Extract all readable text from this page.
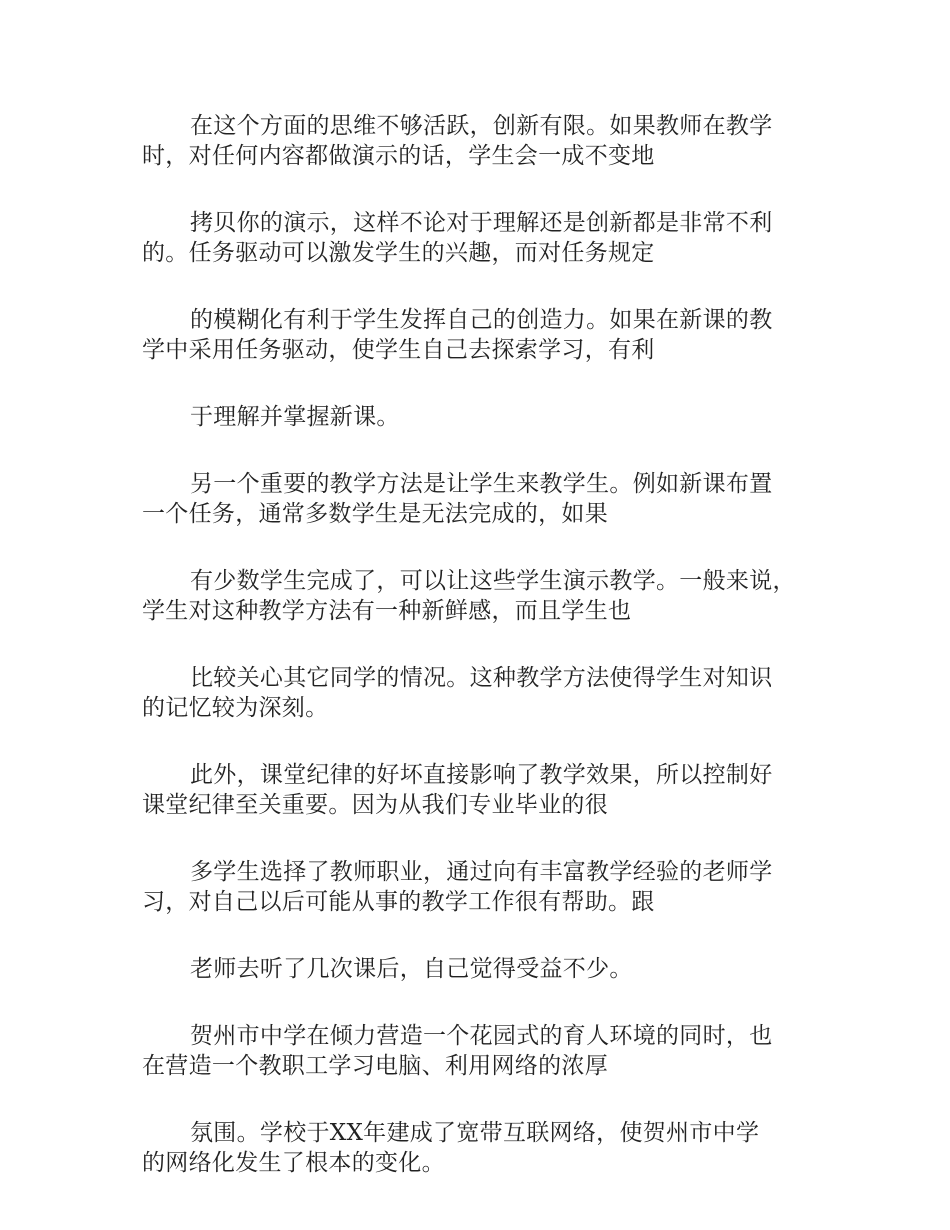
在这个方面的思维不够活跃，创新有限。如果教师在教学
时，对任何内容都做演示的话，学生会一成不变地

拷贝你的演示，这样不论对于理解还是创新都是非常不利
的。任务驱动可以激发学生的兴趣，而对任务规定

的模糊化有利于学生发挥自己的创造力。如果在新课的教
学中采用任务驱动，使学生自己去探索学习，有利

于理解并掌握新课。

另一个重要的教学方法是让学生来教学生。例如新课布置
一个任务，通常多数学生是无法完成的，如果

有少数学生完成了，可以让这些学生演示教学。一般来说，
学生对这种教学方法有一种新鲜感，而且学生也

比较关心其它同学的情况。这种教学方法使得学生对知识
的记忆较为深刻。

此外，课堂纪律的好坏直接影响了教学效果，所以控制好
课堂纪律至关重要。因为从我们专业毕业的很

多学生选择了教师职业，通过向有丰富教学经验的老师学
习，对自己以后可能从事的教学工作很有帮助。跟

老师去听了几次课后，自己觉得受益不少。

贺州市中学在倾力营造一个花园式的育人环境的同时，也
在营造一个教职工学习电脑、利用网络的浓厚

氛围。学校于XX年建成了宽带互联网络，使贺州市中学
的网络化发生了根本的变化。
